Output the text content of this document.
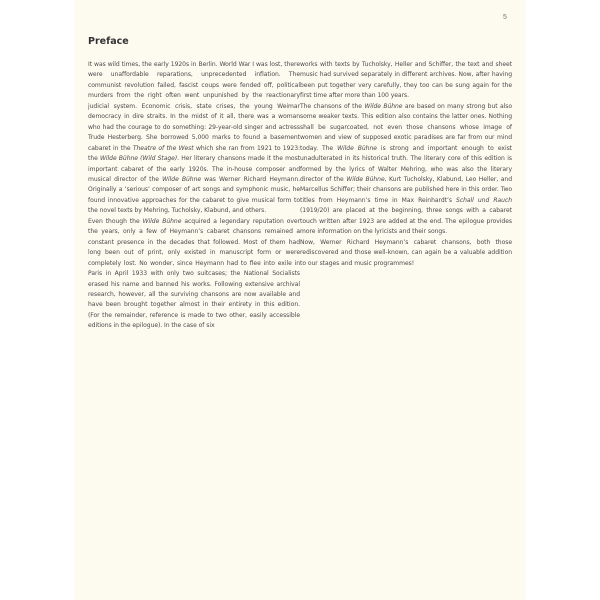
5
Preface

It was wild times, the early 1920s in Berlin. World War I was lost, there were unaffordable reparations, unprecedented inflation. The communist revolution failed, fascist coups were fended off, political murders from the right often went unpunished by the reactionary judicial system. Economic crisis, state crises, the young Weimar democracy in dire straits. In the midst of it all, there was a woman who had the courage to do something: 29-year-old singer and actress Trude Hesterberg. She borrowed 5,000 marks to found a basement cabaret in the Theatre of the West which she ran from 1921 to 1923: the Wilde Bühne (Wild Stage). Her literary chansons made it the most important cabaret of the early 1920s. The in-house composer and musical director of the Wilde Bühne was Werner Richard Heymann. Originally a ‘serious’ composer of art songs and symphonic music, he found innovative approaches for the cabaret to give musical form to the novel texts by Mehring, Tucholsky, Klabund, and others.

Even though the Wilde Bühne acquired a legendary reputation over the years, only a few of Heymann’s cabaret chansons remained a constant presence in the decades that followed. Most of them had long been out of print, only existed in manuscript form or were completely lost. No wonder, since Heymann had to flee into exile in Paris in April 1933 with only two suitcases; the National Socialists erased his name and banned his works. Following extensive archival research, however, all the surviving chansons are now available and have been brought together almost in their entirety in this edition. (For the remainder, reference is made to two other, easily accessible editions in the epilogue). In the case of six

works with texts by Tucholsky, Heller and Schiffer, the text and sheet music had survived separately in different archives. Now, after having been put together very carefully, they too can be sung again for the first time after more than 100 years.

The chansons of the Wilde Bühne are based on many strong but also some weaker texts. This edition also contains the latter ones. Nothing shall be sugarcoated, not even those chansons whose image of women and view of supposed exotic paradises are far from our mind today. The Wilde Bühne is strong and important enough to exist unadulterated in its historical truth. The literary core of this edition is formed by the lyrics of Walter Mehring, who was also the literary director of the Wilde Bühne, Kurt Tucholsky, Klabund, Leo Heller, and Marcellus Schiffer; their chansons are published here in this order. Two titles from Heymann’s time in Max Reinhardt’s Schall und Rauch (1919/20) are placed at the beginning, three songs with a cabaret touch written after 1923 are added at the end. The epilogue provides more information on the lyricists and their songs.

Now, Werner Richard Heymann’s cabaret chansons, both those rediscovered and those well-known, can again be a valuable addition to our stages and music programmes!
